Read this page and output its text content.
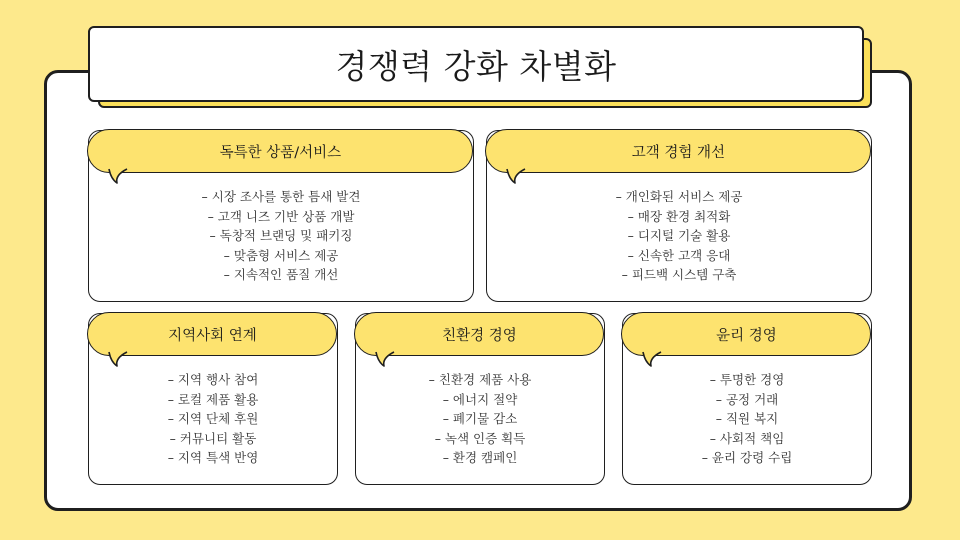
경쟁력 강화 차별화
독특한 상품/서비스
– 시장 조사를 통한 틈새 발견
– 고객 니즈 기반 상품 개발
– 독창적 브랜딩 및 패키징
– 맞춤형 서비스 제공
– 지속적인 품질 개선
고객 경험 개선
– 개인화된 서비스 제공
– 매장 환경 최적화
– 디지털 기술 활용
– 신속한 고객 응대
– 피드백 시스템 구축
지역사회 연계
– 지역 행사 참여
– 로컬 제품 활용
– 지역 단체 후원
– 커뮤니티 활동
– 지역 특색 반영
친환경 경영
– 친환경 제품 사용
– 에너지 절약
– 폐기물 감소
– 녹색 인증 획득
– 환경 캠페인
윤리 경영
– 투명한 경영
– 공정 거래
– 직원 복지
– 사회적 책임
– 윤리 강령 수립
